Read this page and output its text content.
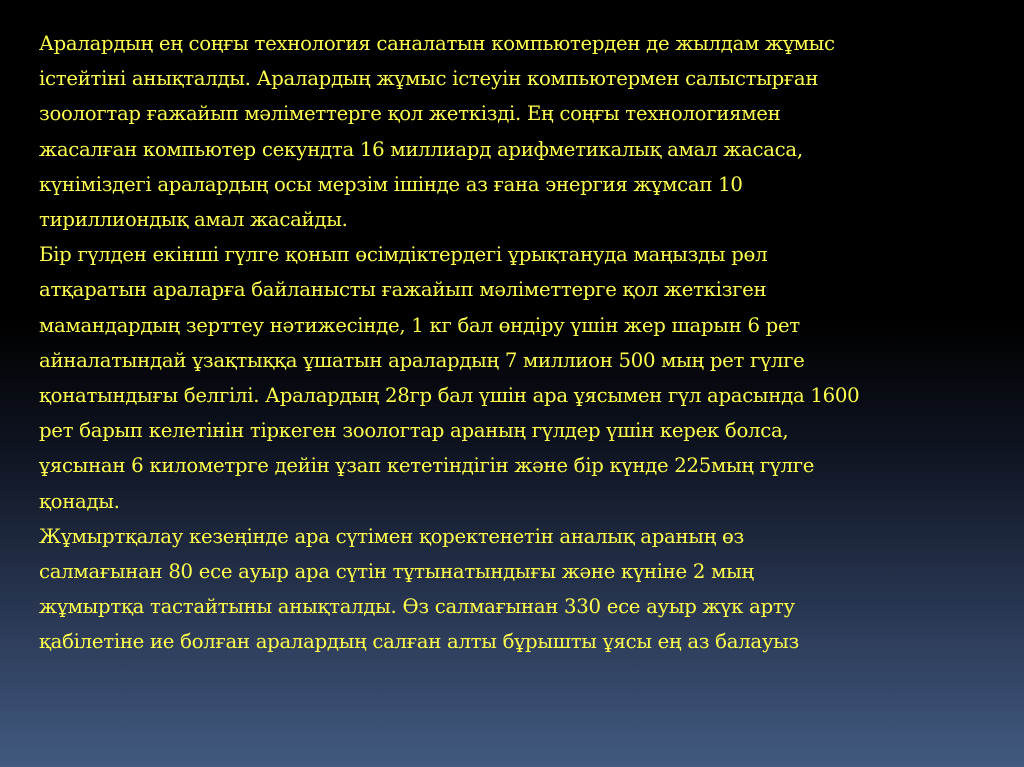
Аралардың ең соңғы технология саналатын компьютерден де жылдам жұмыс
істейтіні анықталды. Аралардың жұмыс істеуін компьютермен салыстырған
зоологтар ғажайып мәліметтерге қол жеткізді. Ең соңғы технологиямен
жасалған компьютер секундта 16 миллиард арифметикалық амал жасаса,
күніміздегі аралардың осы мерзім ішінде аз ғана энергия жұмсап 10
тириллиондық амал жасайды.
Бір гүлден екінші гүлге қонып өсімдіктердегі ұрықтануда маңызды рөл
атқаратын араларға байланысты ғажайып мәліметтерге қол жеткізген
мамандардың зерттеу нәтижесінде, 1 кг бал өндіру үшін жер шарын 6 рет
айналатындай ұзақтыққа ұшатын аралардың 7 миллион 500 мың рет гүлге
қонатындығы белгілі. Аралардың 28гр бал үшін ара ұясымен гүл арасында 1600
рет барып келетінін тіркеген зоологтар араның гүлдер үшін керек болса,
ұясынан 6 километрге дейін ұзап кететіндігін және бір күнде 225мың гүлге
қонады.
Жұмыртқалау кезеңінде ара сүтімен қоректенетін аналық араның өз
салмағынан 80 есе ауыр ара сүтін тұтынатындығы және күніне 2 мың
жұмыртқа тастайтыны анықталды. Өз салмағынан 330 есе ауыр жүк арту
қабілетіне ие болған аралардың салған алты бұрышты ұясы ең аз балауыз
